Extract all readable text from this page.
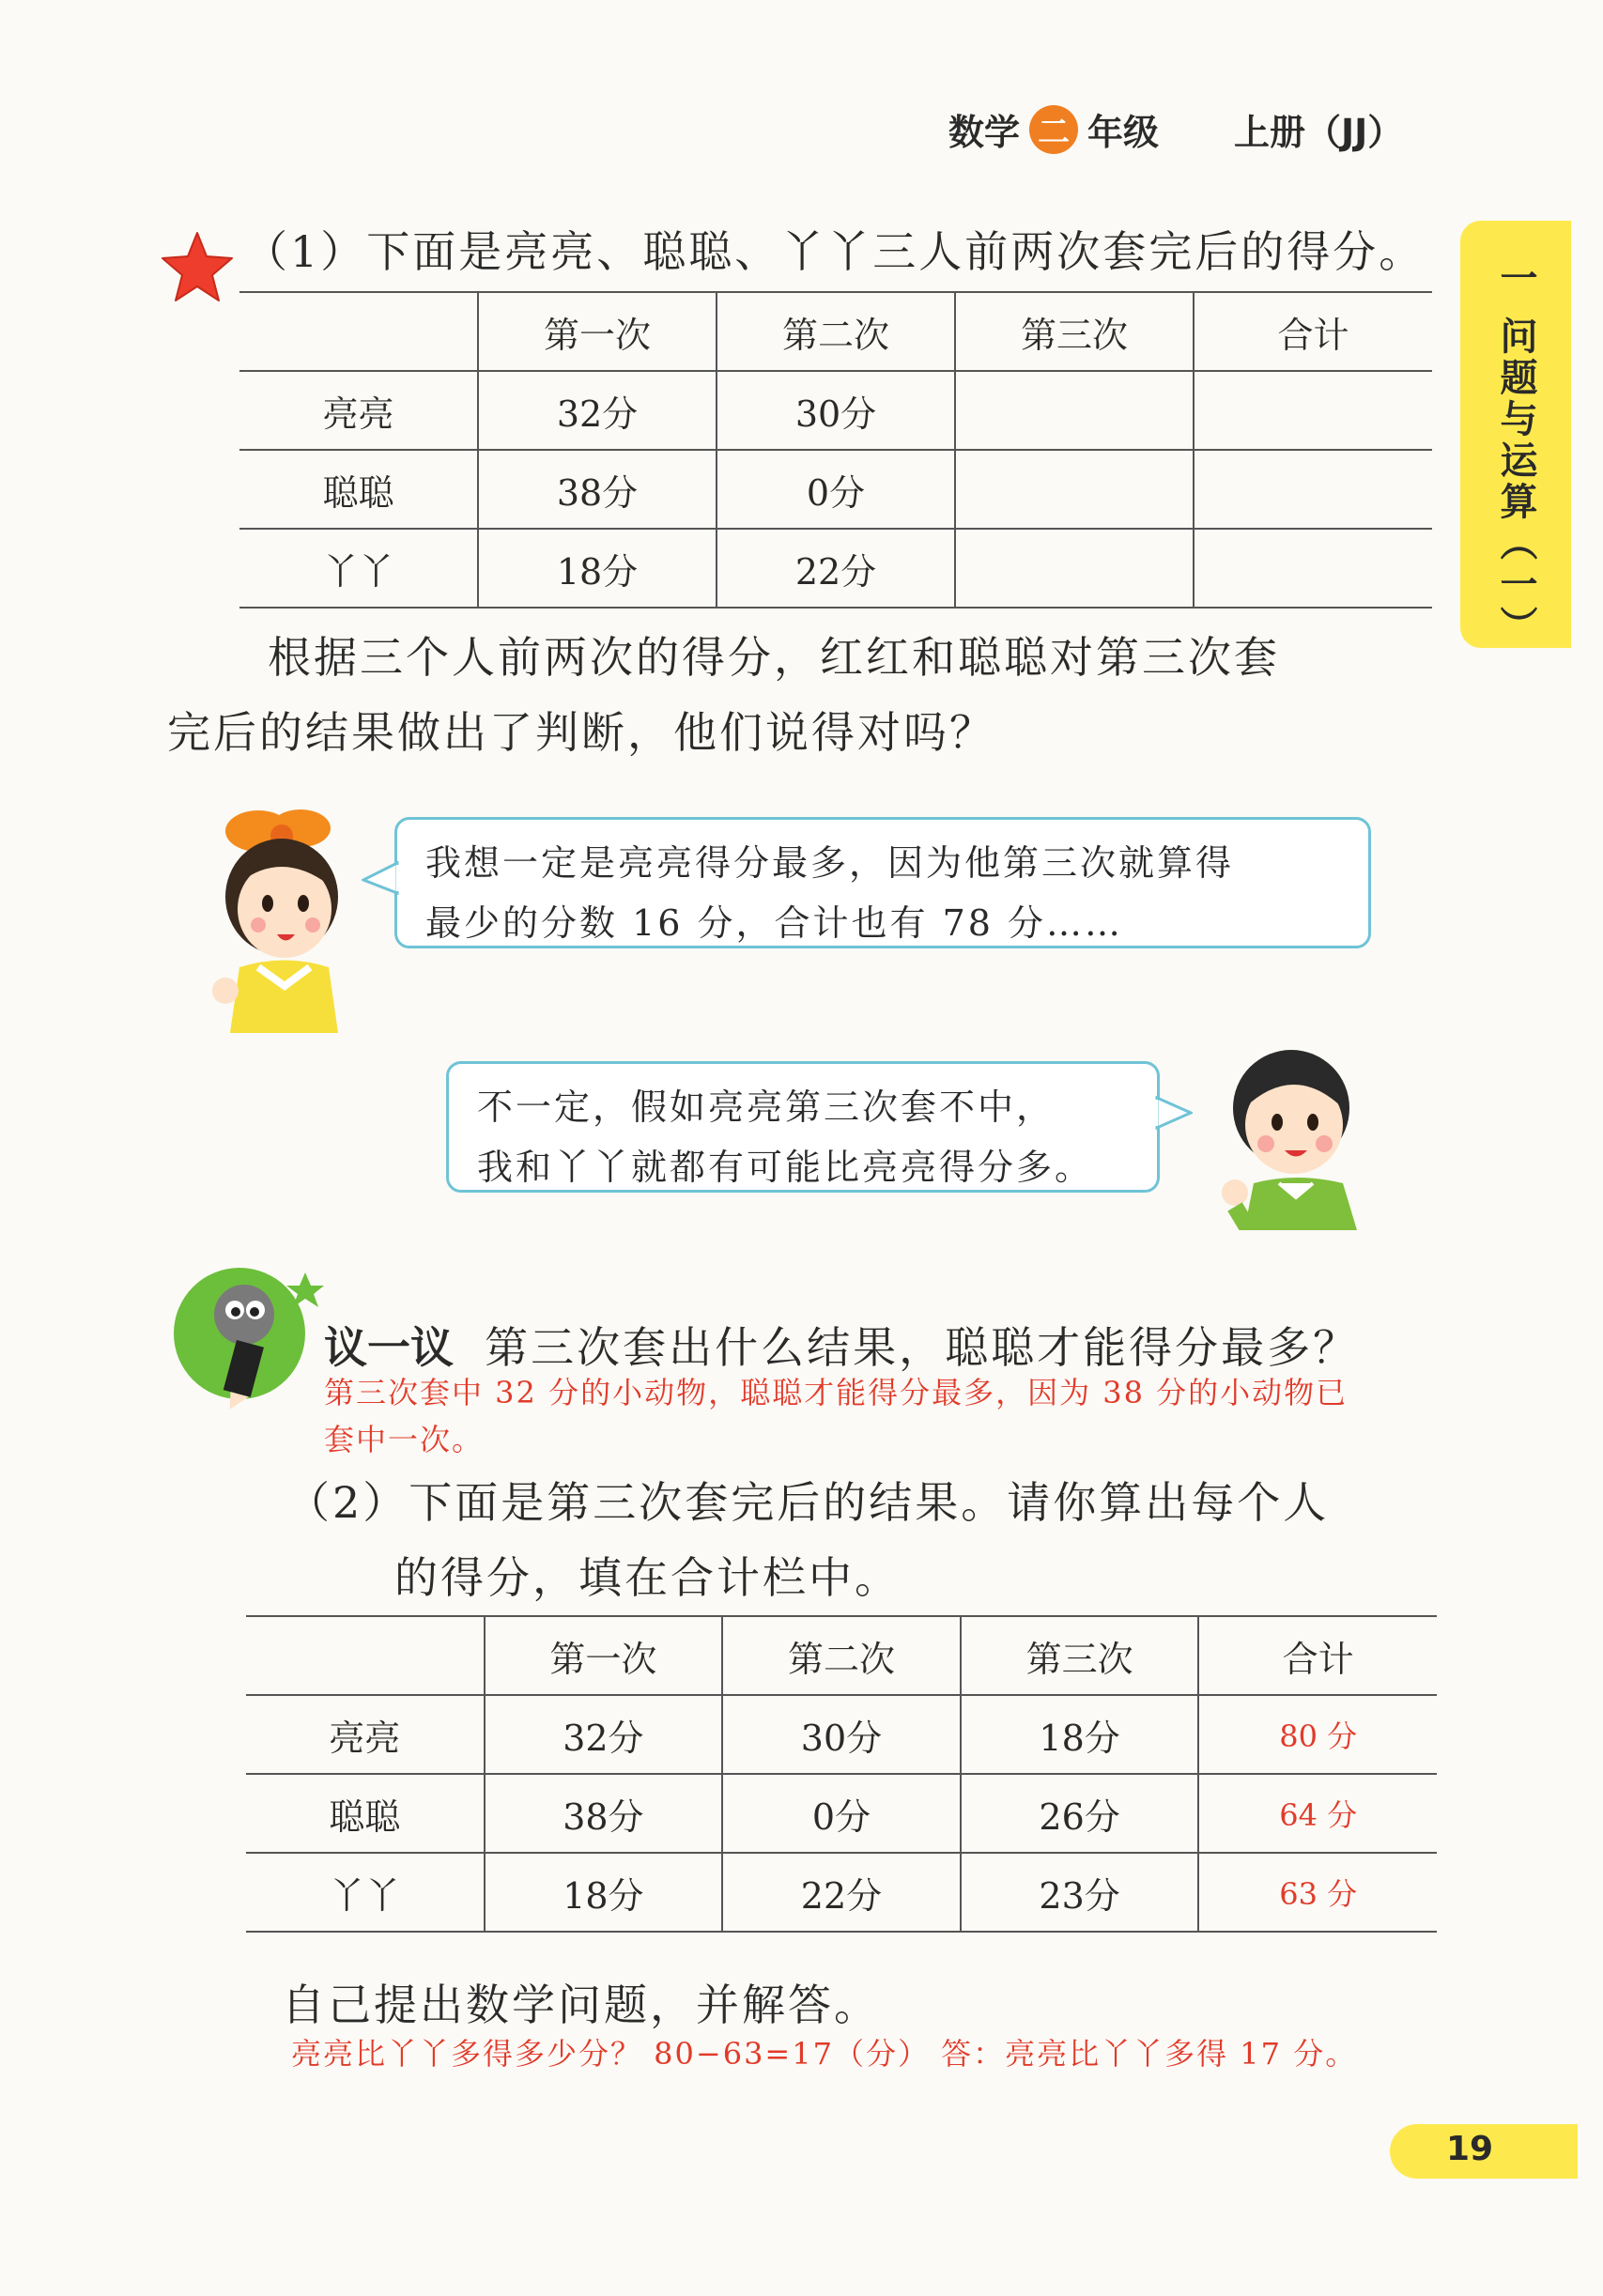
数学 二 年级 上册（JJ）
一 问题与运算（一）
（1）下面是亮亮、聪聪、丫丫三人前两次套完后的得分。
	第一次	第二次	第三次	合计
亮亮	32分	30分		
聪聪	38分	0分		
丫丫	18分	22分		
根据三个人前两次的得分，红红和聪聪对第三次套
完后的结果做出了判断，他们说得对吗？
我想一定是亮亮得分最多，因为他第三次就算得
最少的分数 16 分，合计也有 78 分……
不一定，假如亮亮第三次套不中，
我和丫丫就都有可能比亮亮得分多。
议一议 第三次套出什么结果，聪聪才能得分最多？
第三次套中 32 分的小动物，聪聪才能得分最多，因为 38 分的小动物已
套中一次。
（2）下面是第三次套完后的结果。请你算出每个人
的得分，填在合计栏中。
	第一次	第二次	第三次	合计
亮亮	32分	30分	18分	80 分
聪聪	38分	0分	26分	64 分
丫丫	18分	22分	23分	63 分
自己提出数学问题，并解答。
亮亮比丫丫多得多少分？ 80−63=17（分） 答：亮亮比丫丫多得 17 分。
19
